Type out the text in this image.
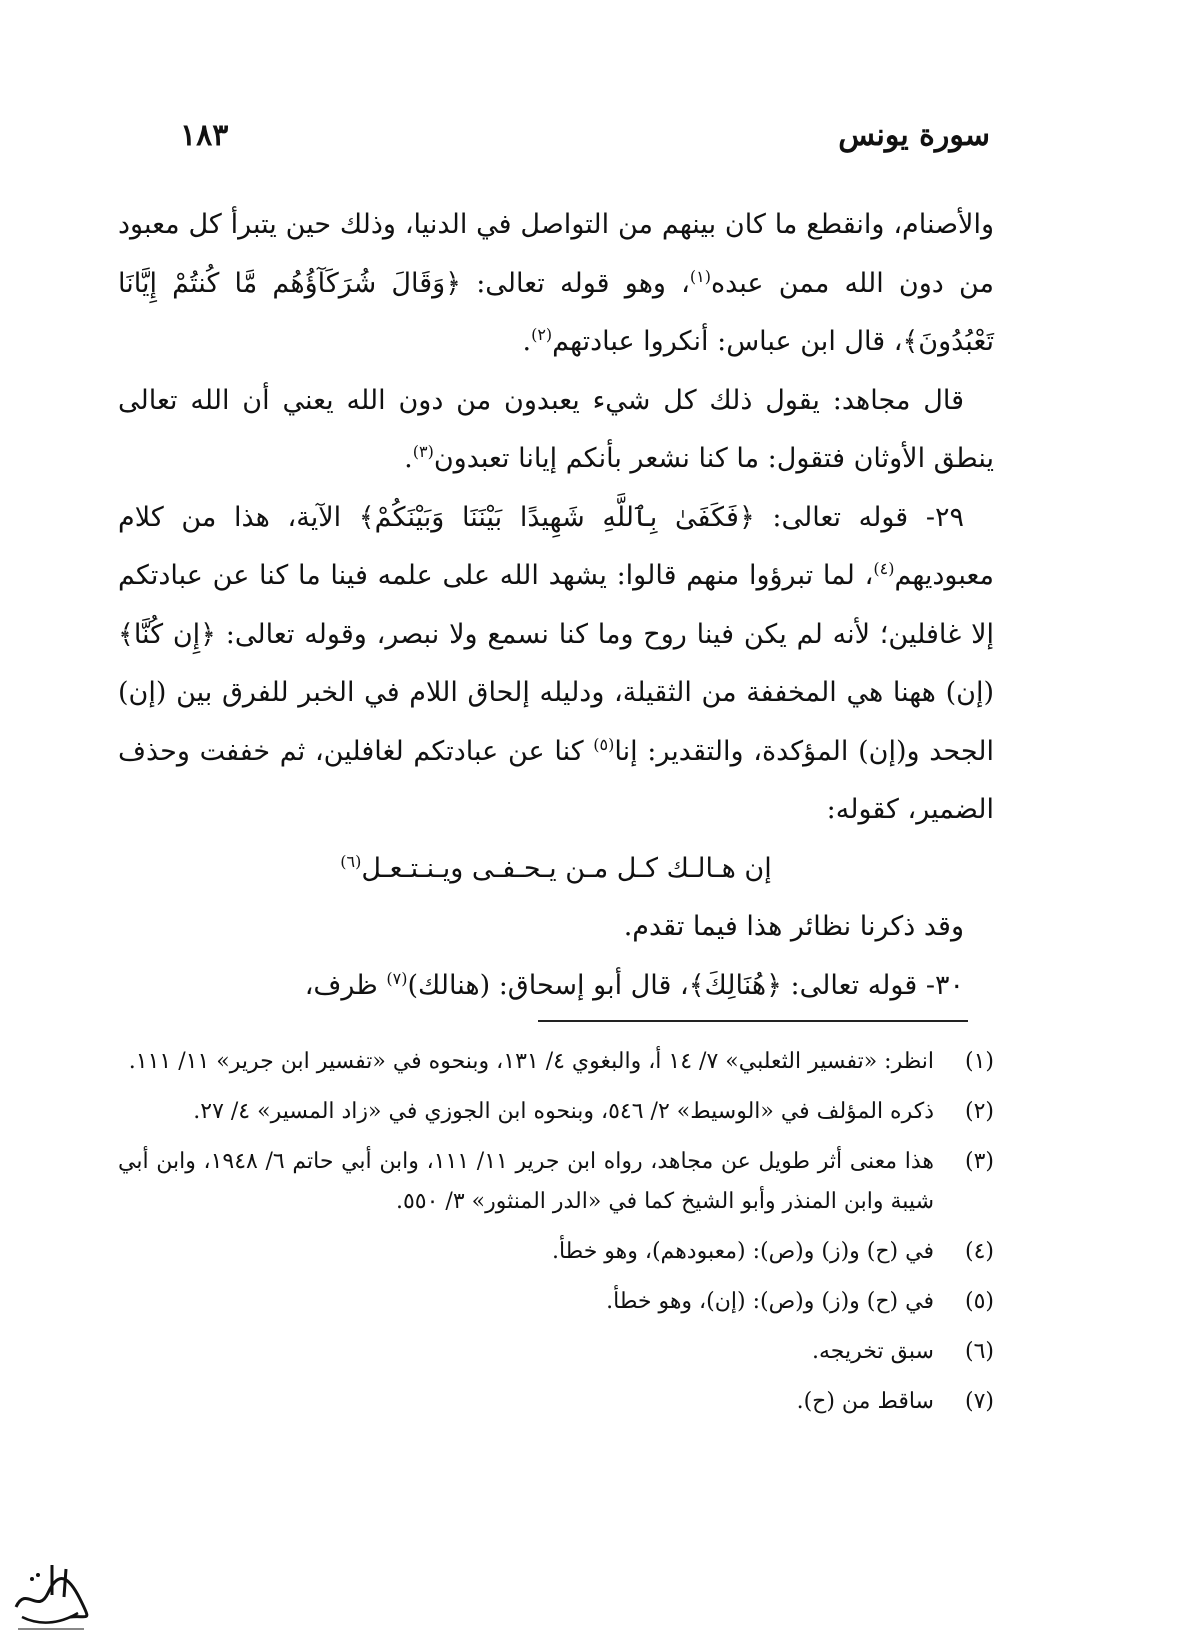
سورة يونس
١٨٣

والأصنام، وانقطع ما كان بينهم من التواصل في الدنيا، وذلك حين يتبرأ كل معبود من دون الله ممن عبده$^{(١)}$، وهو قوله تعالى: ﴿وَقَالَ شُرَكَآؤُهُم مَّا كُنتُمْ إِيَّانَا تَعْبُدُونَ﴾، قال ابن عباس: أنكروا عبادتهم$^{(٢)}$.

قال مجاهد: يقول ذلك كل شيء يعبدون من دون الله يعني أن الله تعالى ينطق الأوثان فتقول: ما كنا نشعر بأنكم إيانا تعبدون$^{(٣)}$.

٢٩- قوله تعالى: ﴿فَكَفَىٰ بِٱللَّهِ شَهِيدًا بَيْنَنَا وَبَيْنَكُمْ﴾ الآية، هذا من كلام معبوديهم$^{(٤)}$، لما تبرؤوا منهم قالوا: يشهد الله على علمه فينا ما كنا عن عبادتكم إلا غافلين؛ لأنه لم يكن فينا روح وما كنا نسمع ولا نبصر، وقوله تعالى: ﴿إِن كُنَّا﴾ (إن) ههنا هي المخففة من الثقيلة، ودليله إلحاق اللام في الخبر للفرق بين (إن) الجحد و(إن) المؤكدة، والتقدير: إنا$^{(٥)}$ كنا عن عبادتكم لغافلين، ثم خففت وحذف الضمير، كقوله:

إن هـالـك كـل مـن يـحـفـى ويـنـتـعـل$^{(٦)}$

وقد ذكرنا نظائر هذا فيما تقدم.

٣٠- قوله تعالى: ﴿هُنَالِكَ﴾، قال أبو إسحاق: (هنالك)$^{(٧)}$ ظرف،

(١)
انظر: «تفسير الثعلبي» ٧/ ١٤ أ، والبغوي ٤/ ١٣١، وبنحوه في «تفسير ابن جرير» ١١/ ١١١.
(٢)
ذكره المؤلف في «الوسيط» ٢/ ٥٤٦، وبنحوه ابن الجوزي في «زاد المسير» ٤/ ٢٧.
(٣)
هذا معنى أثر طويل عن مجاهد، رواه ابن جرير ١١/ ١١١، وابن أبي حاتم ٦/ ١٩٤٨، وابن أبي شيبة وابن المنذر وأبو الشيخ كما في «الدر المنثور» ٣/ ٥٥٠.
(٤)
في (ح) و(ز) و(ص): (معبودهم)، وهو خطأ.
(٥)
في (ح) و(ز) و(ص): (إن)، وهو خطأ.
(٦)
سبق تخريجه.
(٧)
ساقط من (ح).
